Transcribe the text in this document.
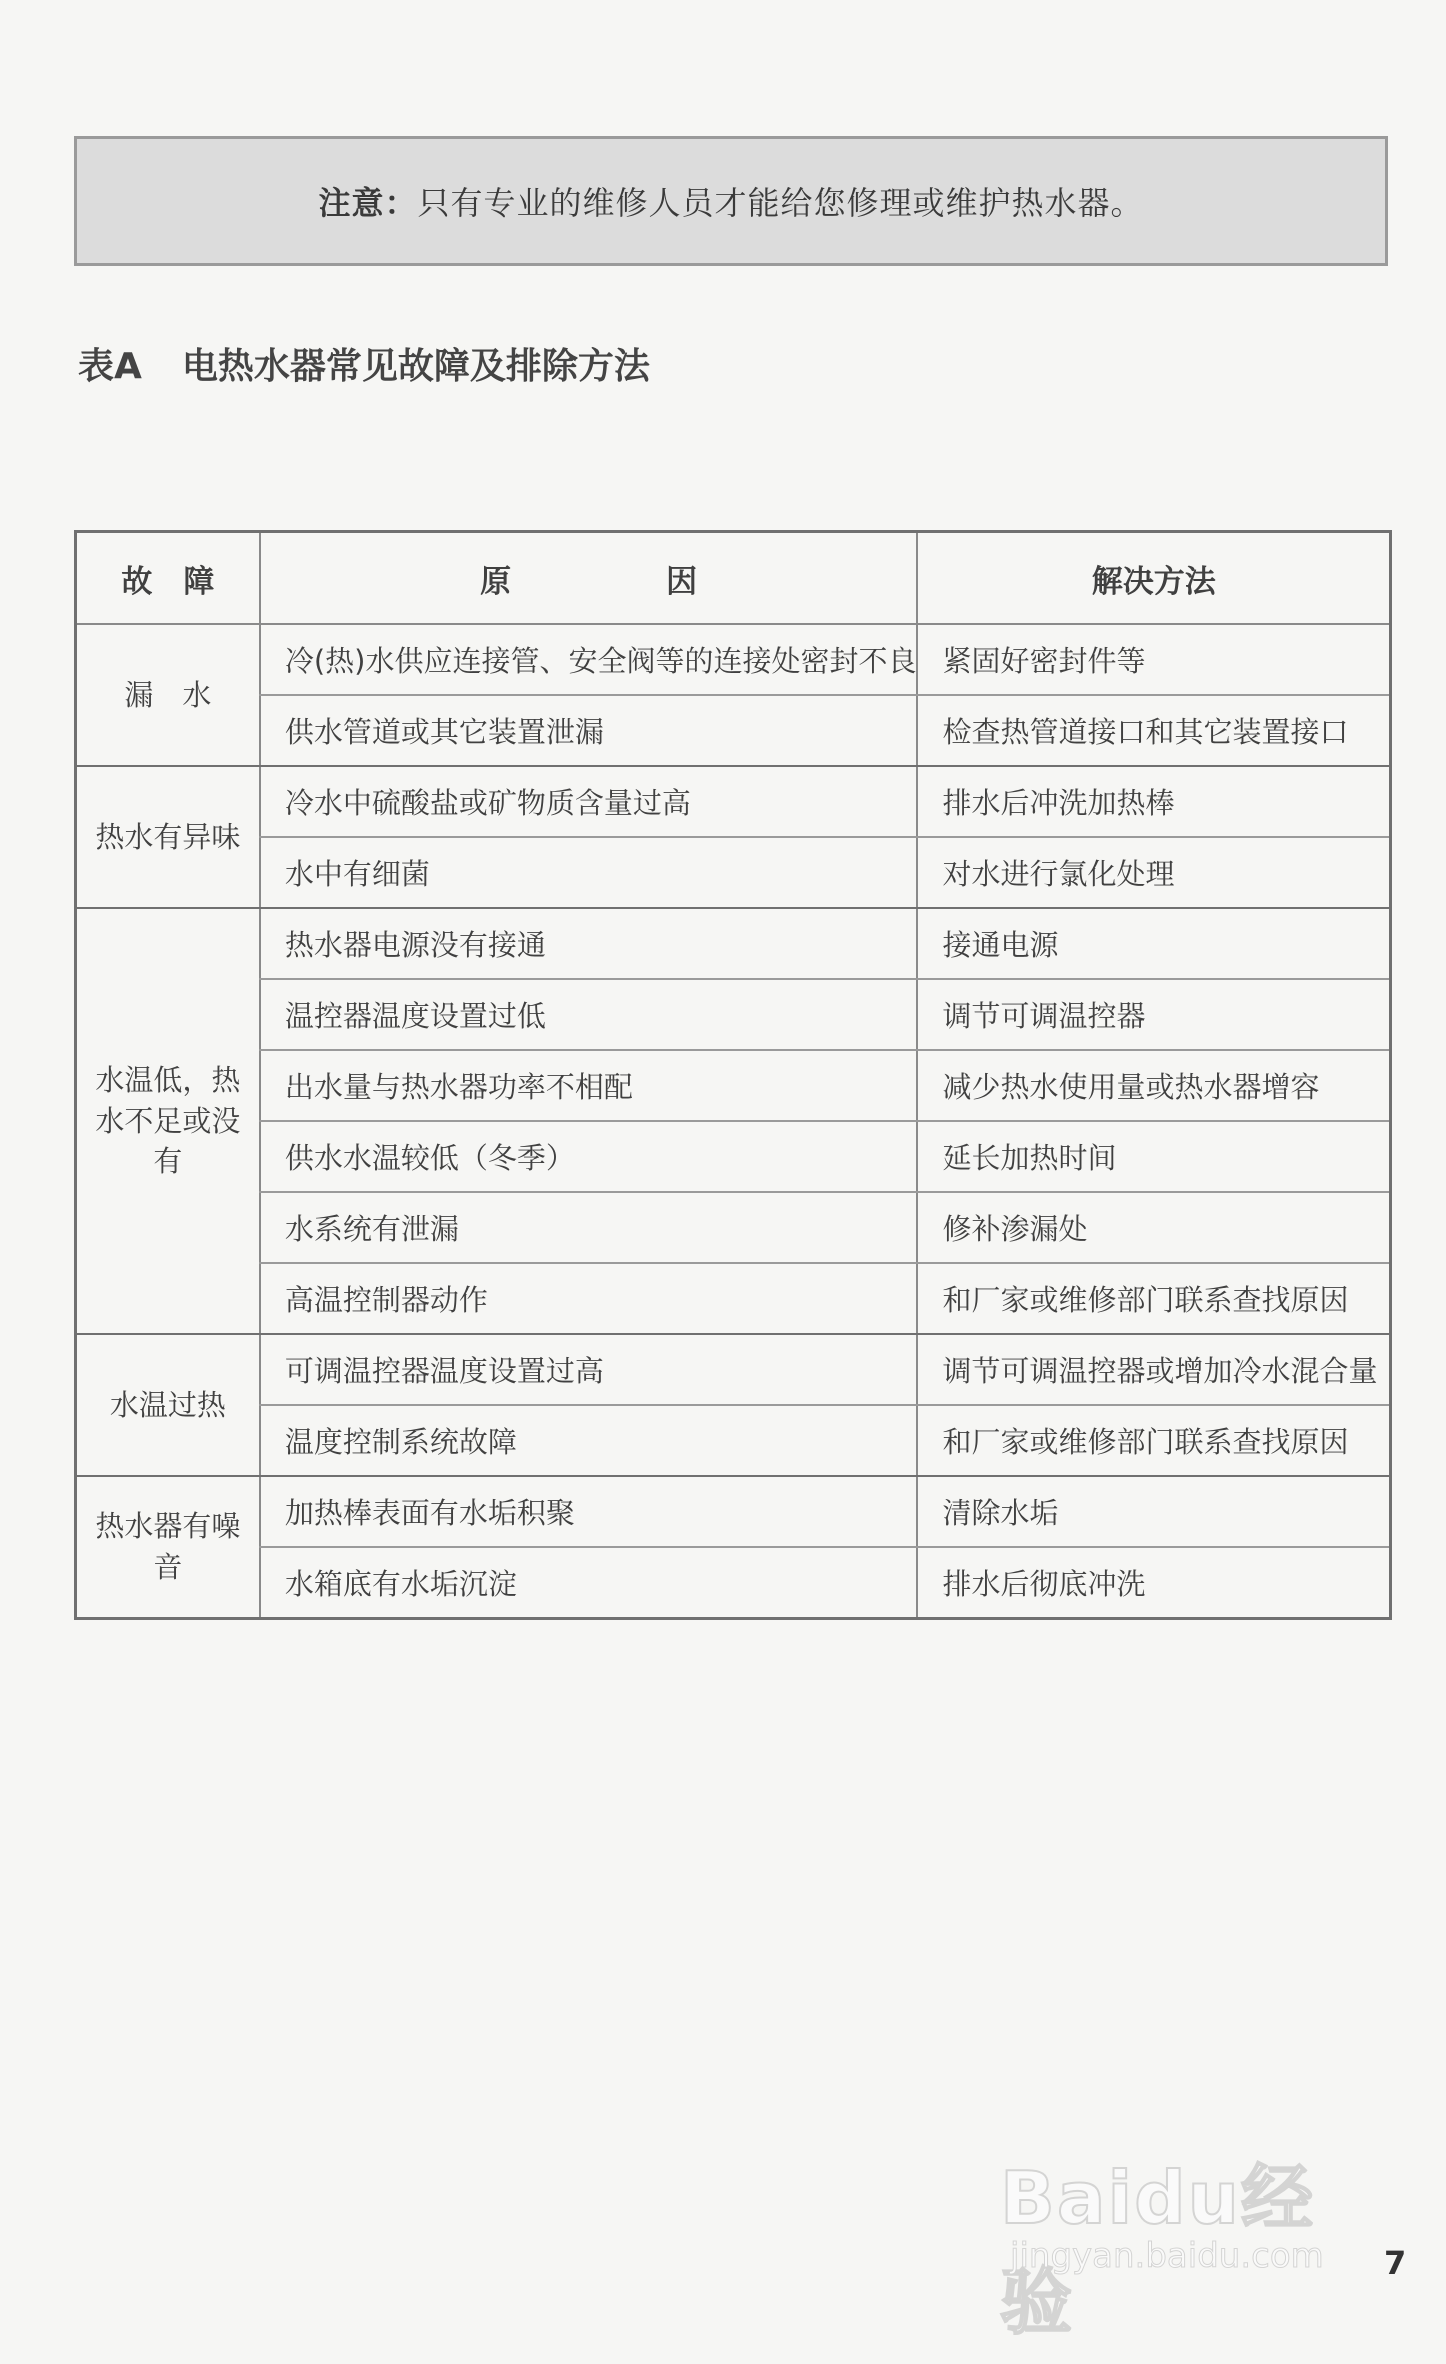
注意： 只有专业的维修人员才能给您修理或维护热水器。
表A 电热水器常见故障及排除方法
故　障	原　　　　　因	解决方法
漏　水	冷(热)水供应连接管、安全阀等的连接处密封不良	紧固好密封件等
	供水管道或其它装置泄漏	检查热管道接口和其它装置接口
热水有异味	冷水中硫酸盐或矿物质含量过高	排水后冲洗加热棒
	水中有细菌	对水进行氯化处理
水温低，热水不足或没有	热水器电源没有接通	接通电源
	温控器温度设置过低	调节可调温控器
	出水量与热水器功率不相配	减少热水使用量或热水器增容
	供水水温较低（冬季）	延长加热时间
	水系统有泄漏	修补渗漏处
	高温控制器动作	和厂家或维修部门联系查找原因
水温过热	可调温控器温度设置过高	调节可调温控器或增加冷水混合量
	温度控制系统故障	和厂家或维修部门联系查找原因
热水器有噪音	加热棒表面有水垢积聚	清除水垢
	水箱底有水垢沉淀	排水后彻底冲洗
Baidu经验
jingyan.baidu.com 7
